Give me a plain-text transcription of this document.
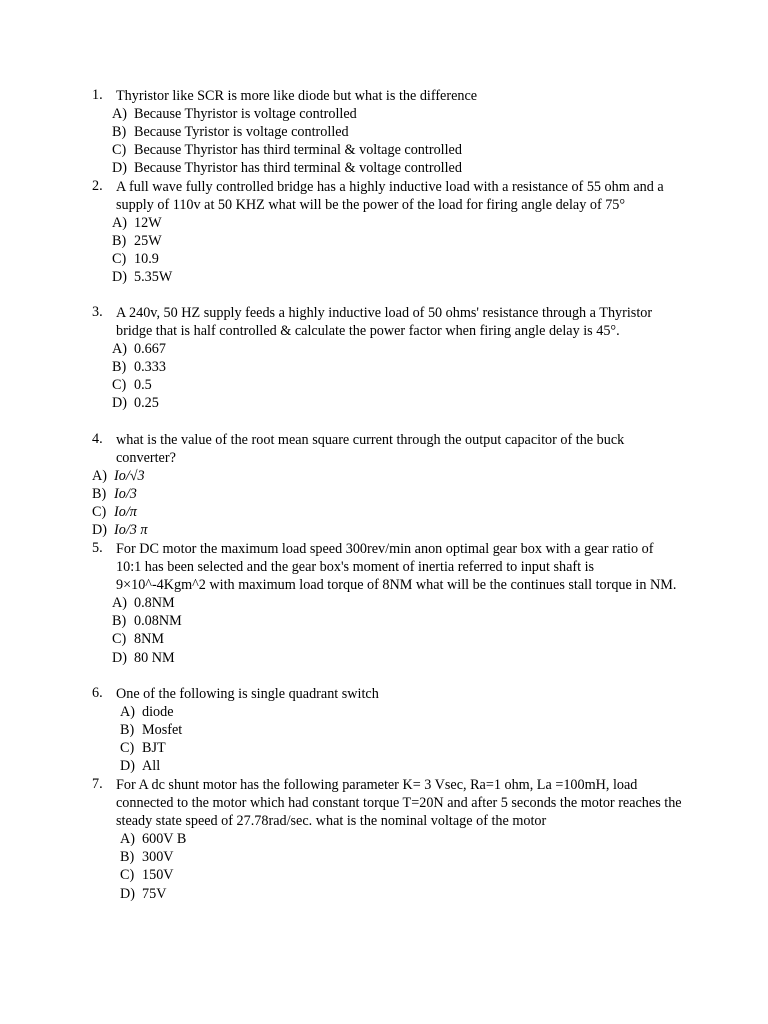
1. Thyristor like SCR is more like diode but what is the difference
A) Because Thyristor is voltage controlled
B) Because Tyristor is voltage controlled
C) Because Thyristor has third terminal & voltage controlled
D) Because Thyristor has third terminal & voltage controlled
2. A full wave fully controlled bridge has a highly inductive load with a resistance of 55 ohm and a supply of 110v at 50 KHZ what will be the power of the load for firing angle delay of 75°
A) 12W
B) 25W
C) 10.9
D) 5.35W
3. A 240v, 50 HZ supply feeds a highly inductive load of 50 ohms' resistance through a Thyristor bridge that is half controlled & calculate the power factor when firing angle delay is 45°.
A) 0.667
B) 0.333
C) 0.5
D) 0.25
4. what is the value of the root mean square current through the output capacitor of the buck converter?
A) Io/√3
B) Io/3
C) Io/π
D) Io/3 π
5. For DC motor the maximum load speed 300rev/min anon optimal gear box with a gear ratio of 10:1 has been selected and the gear box's moment of inertia referred to input shaft is 9×10^-4Kgm^2 with maximum load torque of 8NM what will be the continues stall torque in NM.
A) 0.8NM
B) 0.08NM
C) 8NM
D) 80 NM
6. One of the following is single quadrant switch
A) diode
B) Mosfet
C) BJT
D) All
7. For A dc shunt motor has the following parameter K= 3 Vsec, Ra=1 ohm, La =100mH, load connected to the motor which had constant torque T=20N and after 5 seconds the motor reaches the steady state speed of 27.78rad/sec. what is the nominal voltage of the motor
A) 600V B
B) 300V
C) 150V
D) 75V
